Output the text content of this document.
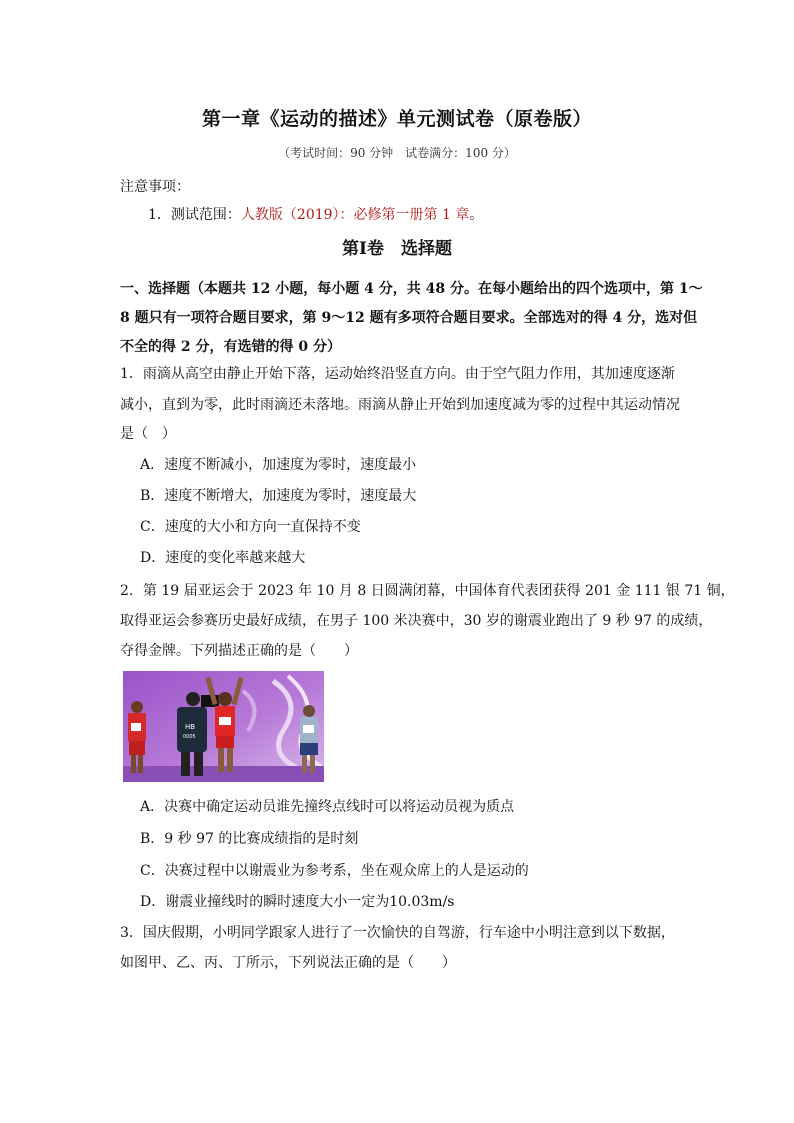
第一章《运动的描述》单元测试卷（原卷版）
（考试时间：90 分钟　试卷满分：100 分）
注意事项：
1．测试范围：人教版（2019）：必修第一册第 1 章。
第Ⅰ卷　选择题
一、选择题（本题共 12 小题，每小题 4 分，共 48 分。在每小题给出的四个选项中，第 1～
8 题只有一项符合题目要求，第 9～12 题有多项符合题目要求。全部选对的得 4 分，选对但
不全的得 2 分，有选错的得 0 分）
1．雨滴从高空由静止开始下落，运动始终沿竖直方向。由于空气阻力作用，其加速度逐渐
减小，直到为零，此时雨滴还未落地。雨滴从静止开始到加速度减为零的过程中其运动情况
是（　）
A．速度不断减小，加速度为零时，速度最小
B．速度不断增大，加速度为零时，速度最大
C．速度的大小和方向一直保持不变
D．速度的变化率越来越大
2．第 19 届亚运会于 2023 年 10 月 8 日圆满闭幕，中国体育代表团获得 201 金 111 银 71 铜，
取得亚运会参赛历史最好成绩，在男子 100 米决赛中，30 岁的谢震业跑出了 9 秒 97 的成绩，
夺得金牌。下列描述正确的是（　　）
HB
0005
A．决赛中确定运动员谁先撞终点线时可以将运动员视为质点
B．9 秒 97 的比赛成绩指的是时刻
C．决赛过程中以谢震业为参考系，坐在观众席上的人是运动的
D．谢震业撞线时的瞬时速度大小一定为10.03m/s
3．国庆假期，小明同学跟家人进行了一次愉快的自驾游，行车途中小明注意到以下数据，
如图甲、乙、丙、丁所示，下列说法正确的是（　　）
